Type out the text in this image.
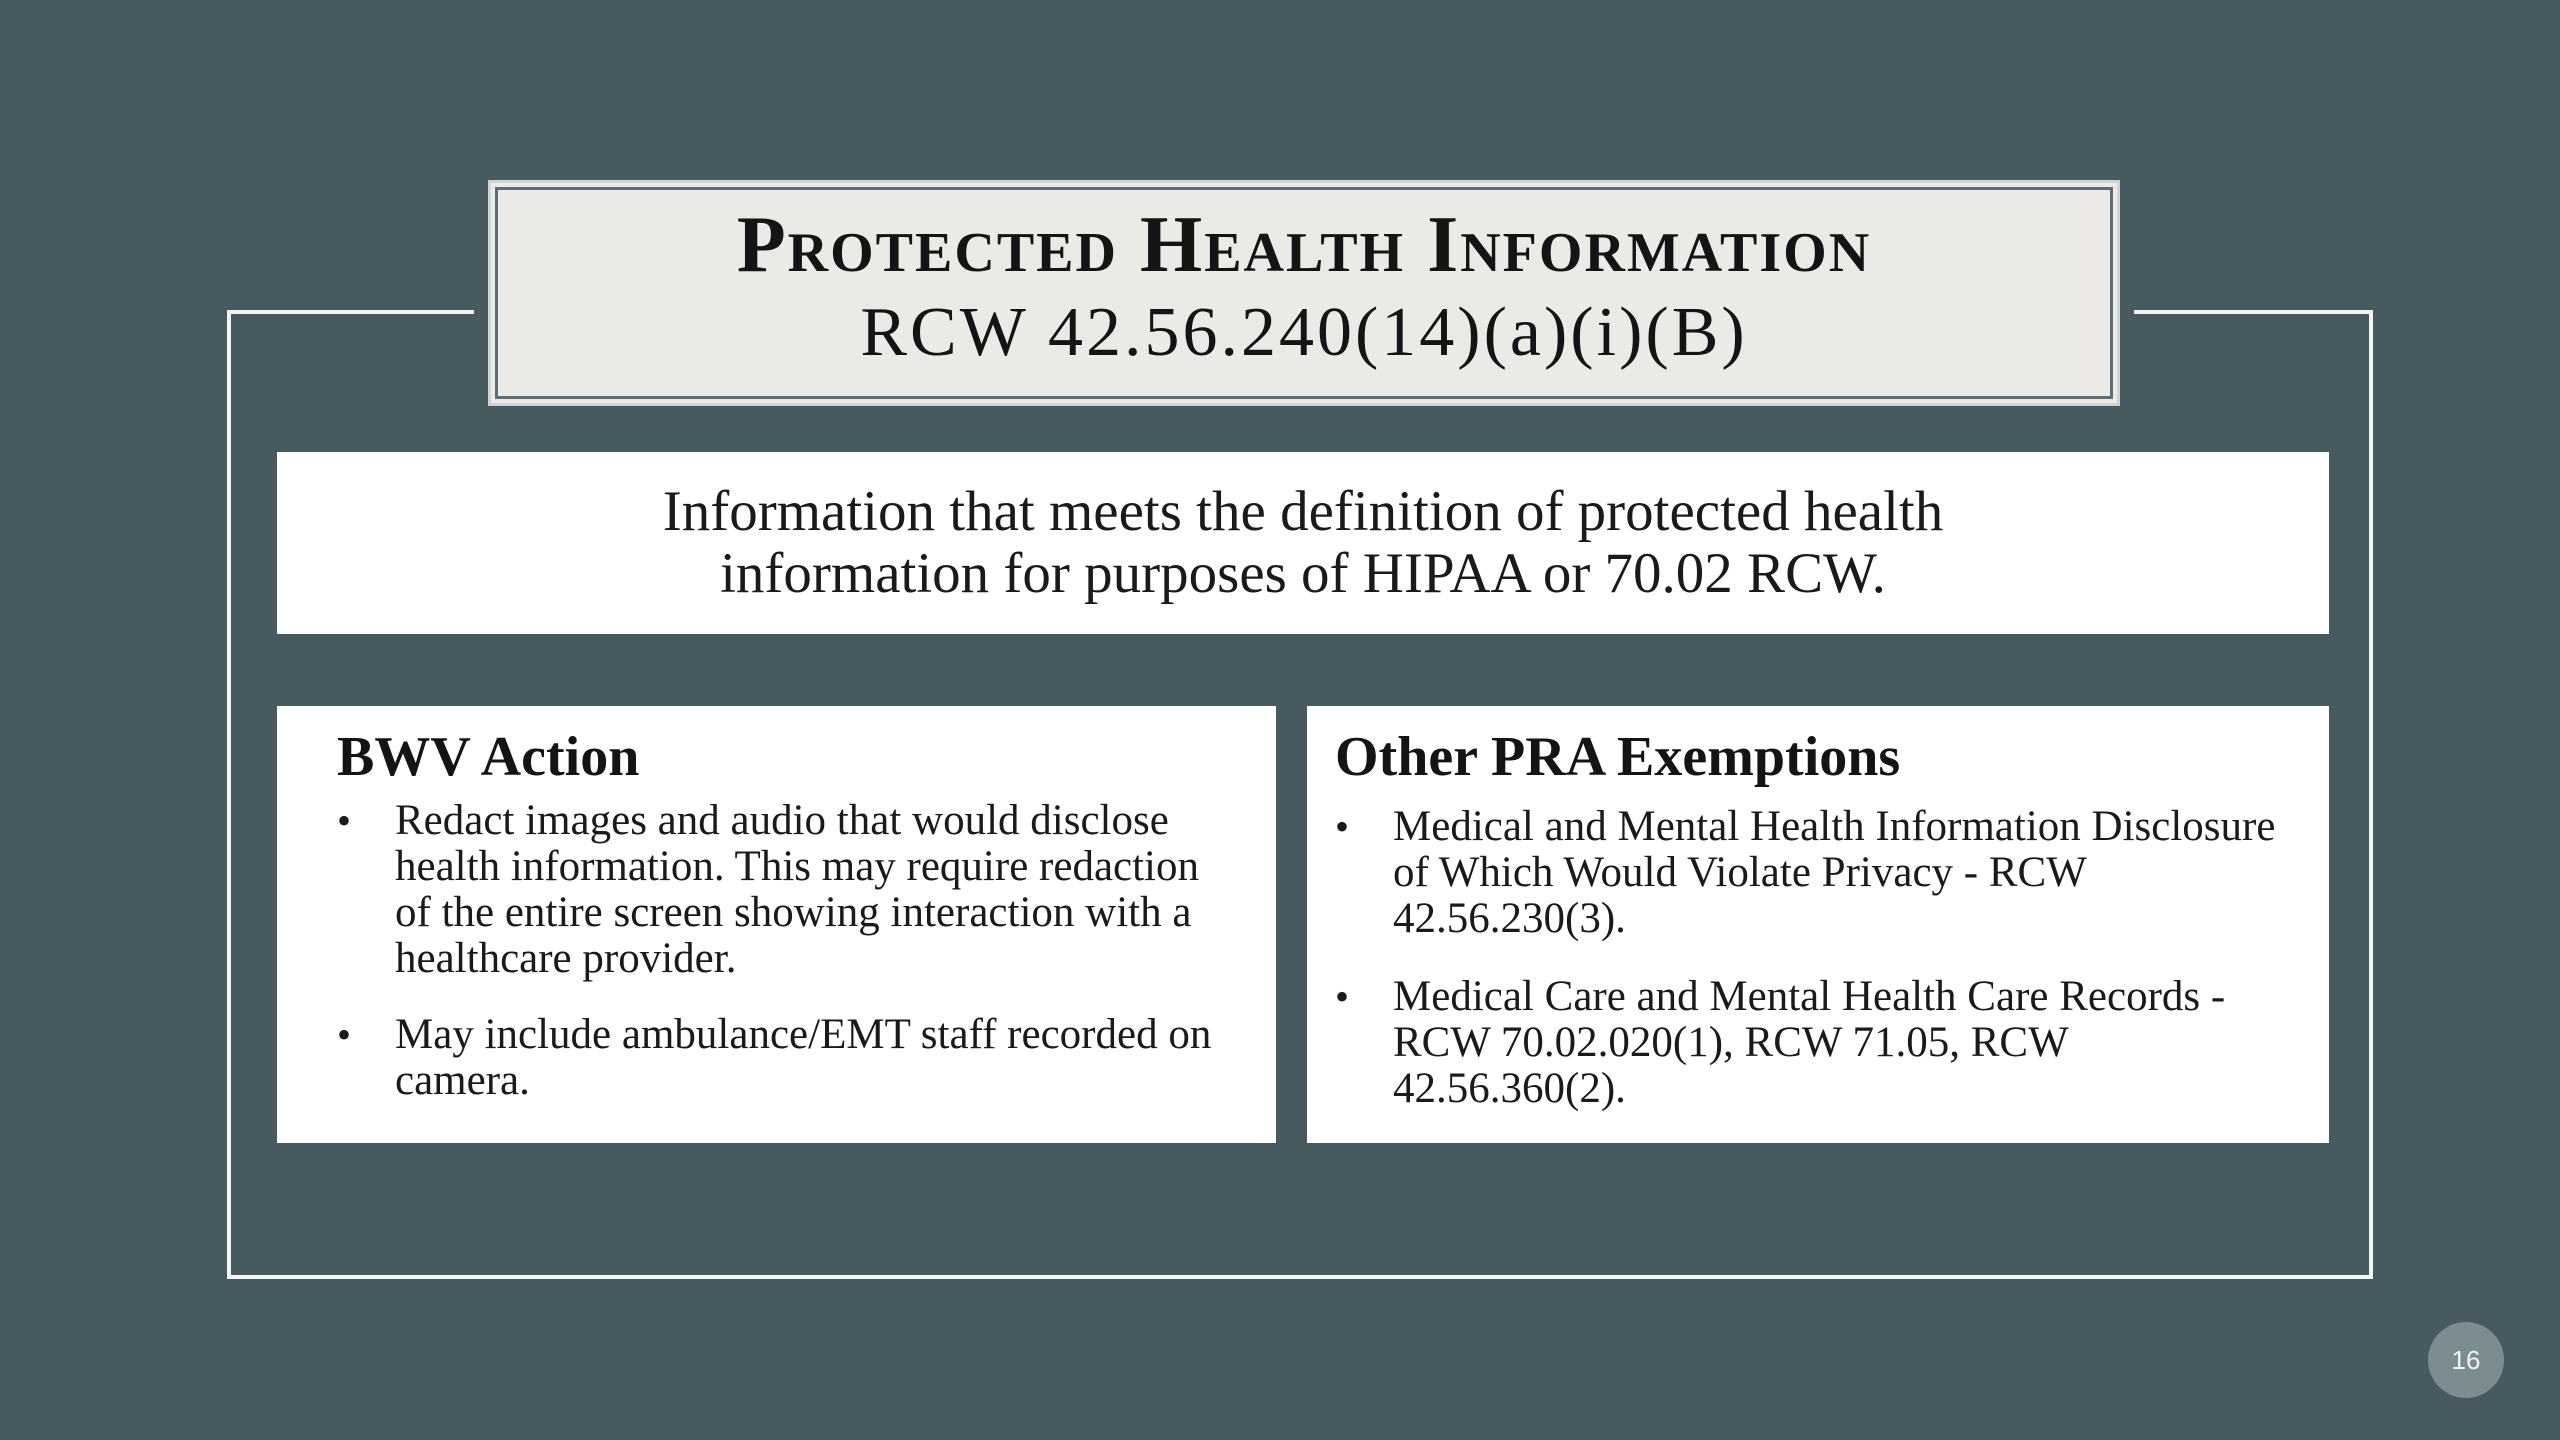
Protected Health Information
RCW 42.56.240(14)(a)(i)(B)
Information that meets the definition of protected health information for purposes of HIPAA or 70.02 RCW.
BWV Action
• Redact images and audio that would disclose health information. This may require redaction of the entire screen showing interaction with a healthcare provider.
• May include ambulance/EMT staff recorded on camera.
Other PRA Exemptions
• Medical and Mental Health Information Disclosure of Which Would Violate Privacy - RCW 42.56.230(3).
• Medical Care and Mental Health Care Records - RCW 70.02.020(1), RCW 71.05, RCW 42.56.360(2).
16
